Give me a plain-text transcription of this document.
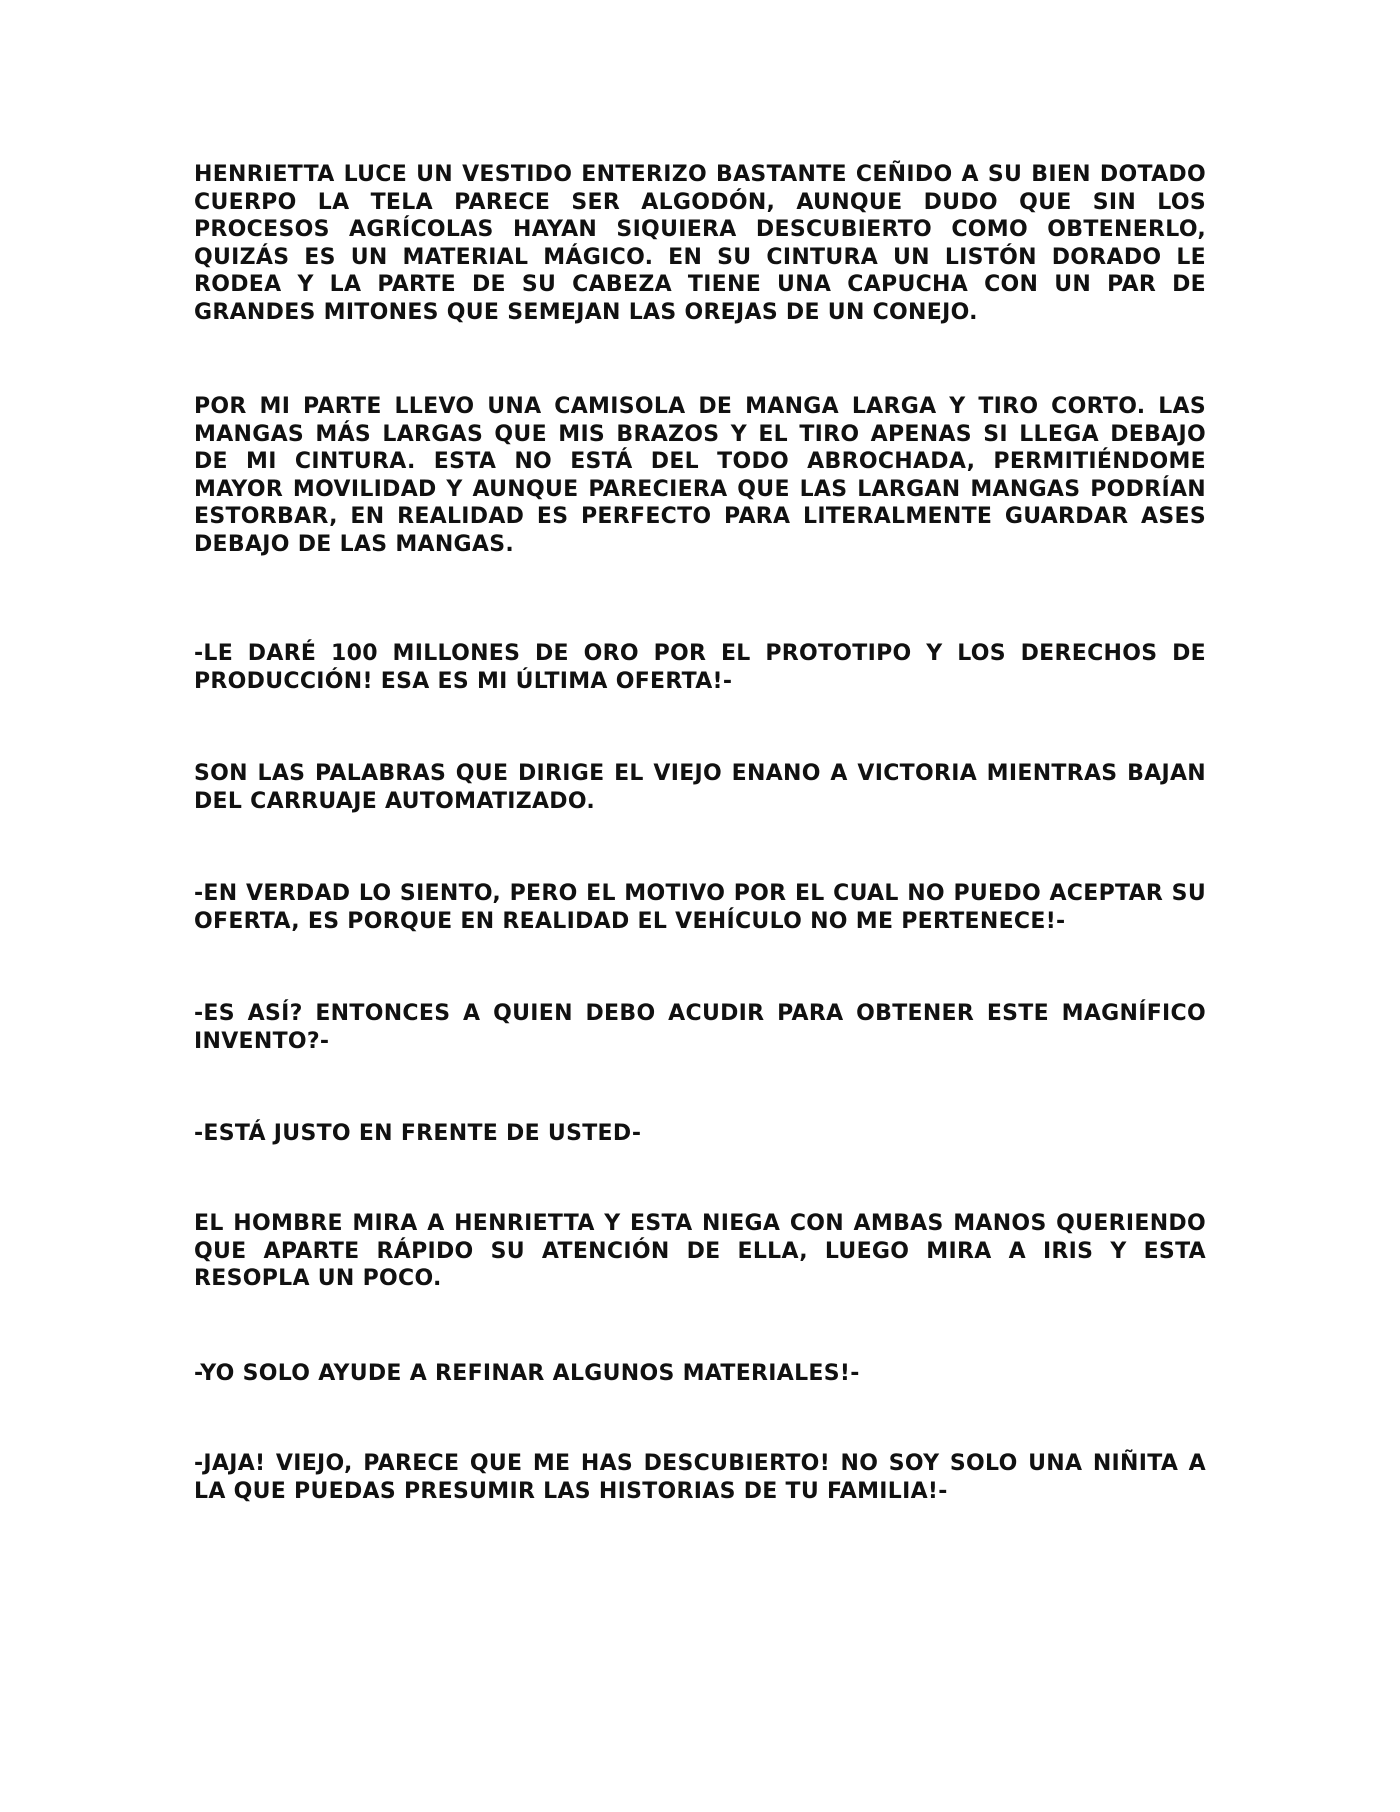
HENRIETTA LUCE UN VESTIDO ENTERIZO BASTANTE CEÑIDO A SU BIEN DOTADO CUERPO LA TELA PARECE SER ALGODÓN, AUNQUE DUDO QUE SIN LOS PROCESOS AGRÍCOLAS HAYAN SIQUIERA DESCUBIERTO COMO OBTENERLO, QUIZÁS ES UN MATERIAL MÁGICO. EN SU CINTURA UN LISTÓN DORADO LE RODEA Y LA PARTE DE SU CABEZA TIENE UNA CAPUCHA CON UN PAR DE GRANDES MITONES QUE SEMEJAN LAS OREJAS DE UN CONEJO.

POR MI PARTE LLEVO UNA CAMISOLA DE MANGA LARGA Y TIRO CORTO. LAS MANGAS MÁS LARGAS QUE MIS BRAZOS Y EL TIRO APENAS SI LLEGA DEBAJO DE MI CINTURA. ESTA NO ESTÁ DEL TODO ABROCHADA, PERMITIÉNDOME MAYOR MOVILIDAD Y AUNQUE PARECIERA QUE LAS LARGAN MANGAS PODRÍAN ESTORBAR, EN REALIDAD ES PERFECTO PARA LITERALMENTE GUARDAR ASES DEBAJO DE LAS MANGAS.

-LE DARÉ 100 MILLONES DE ORO POR EL PROTOTIPO Y LOS DERECHOS DE PRODUCCIÓN! ESA ES MI ÚLTIMA OFERTA!-

SON LAS PALABRAS QUE DIRIGE EL VIEJO ENANO A VICTORIA MIENTRAS BAJAN DEL CARRUAJE AUTOMATIZADO.

-EN VERDAD LO SIENTO, PERO EL MOTIVO POR EL CUAL NO PUEDO ACEPTAR SU OFERTA, ES PORQUE EN REALIDAD EL VEHÍCULO NO ME PERTENECE!-

-ES ASÍ? ENTONCES A QUIEN DEBO ACUDIR PARA OBTENER ESTE MAGNÍFICO INVENTO?-

-ESTÁ JUSTO EN FRENTE DE USTED-

EL HOMBRE MIRA A HENRIETTA Y ESTA NIEGA CON AMBAS MANOS QUERIENDO QUE APARTE RÁPIDO SU ATENCIÓN DE ELLA, LUEGO MIRA A IRIS Y ESTA RESOPLA UN POCO.

-YO SOLO AYUDE A REFINAR ALGUNOS MATERIALES!-

-JAJA! VIEJO, PARECE QUE ME HAS DESCUBIERTO! NO SOY SOLO UNA NIÑITA A LA QUE PUEDAS PRESUMIR LAS HISTORIAS DE TU FAMILIA!-
